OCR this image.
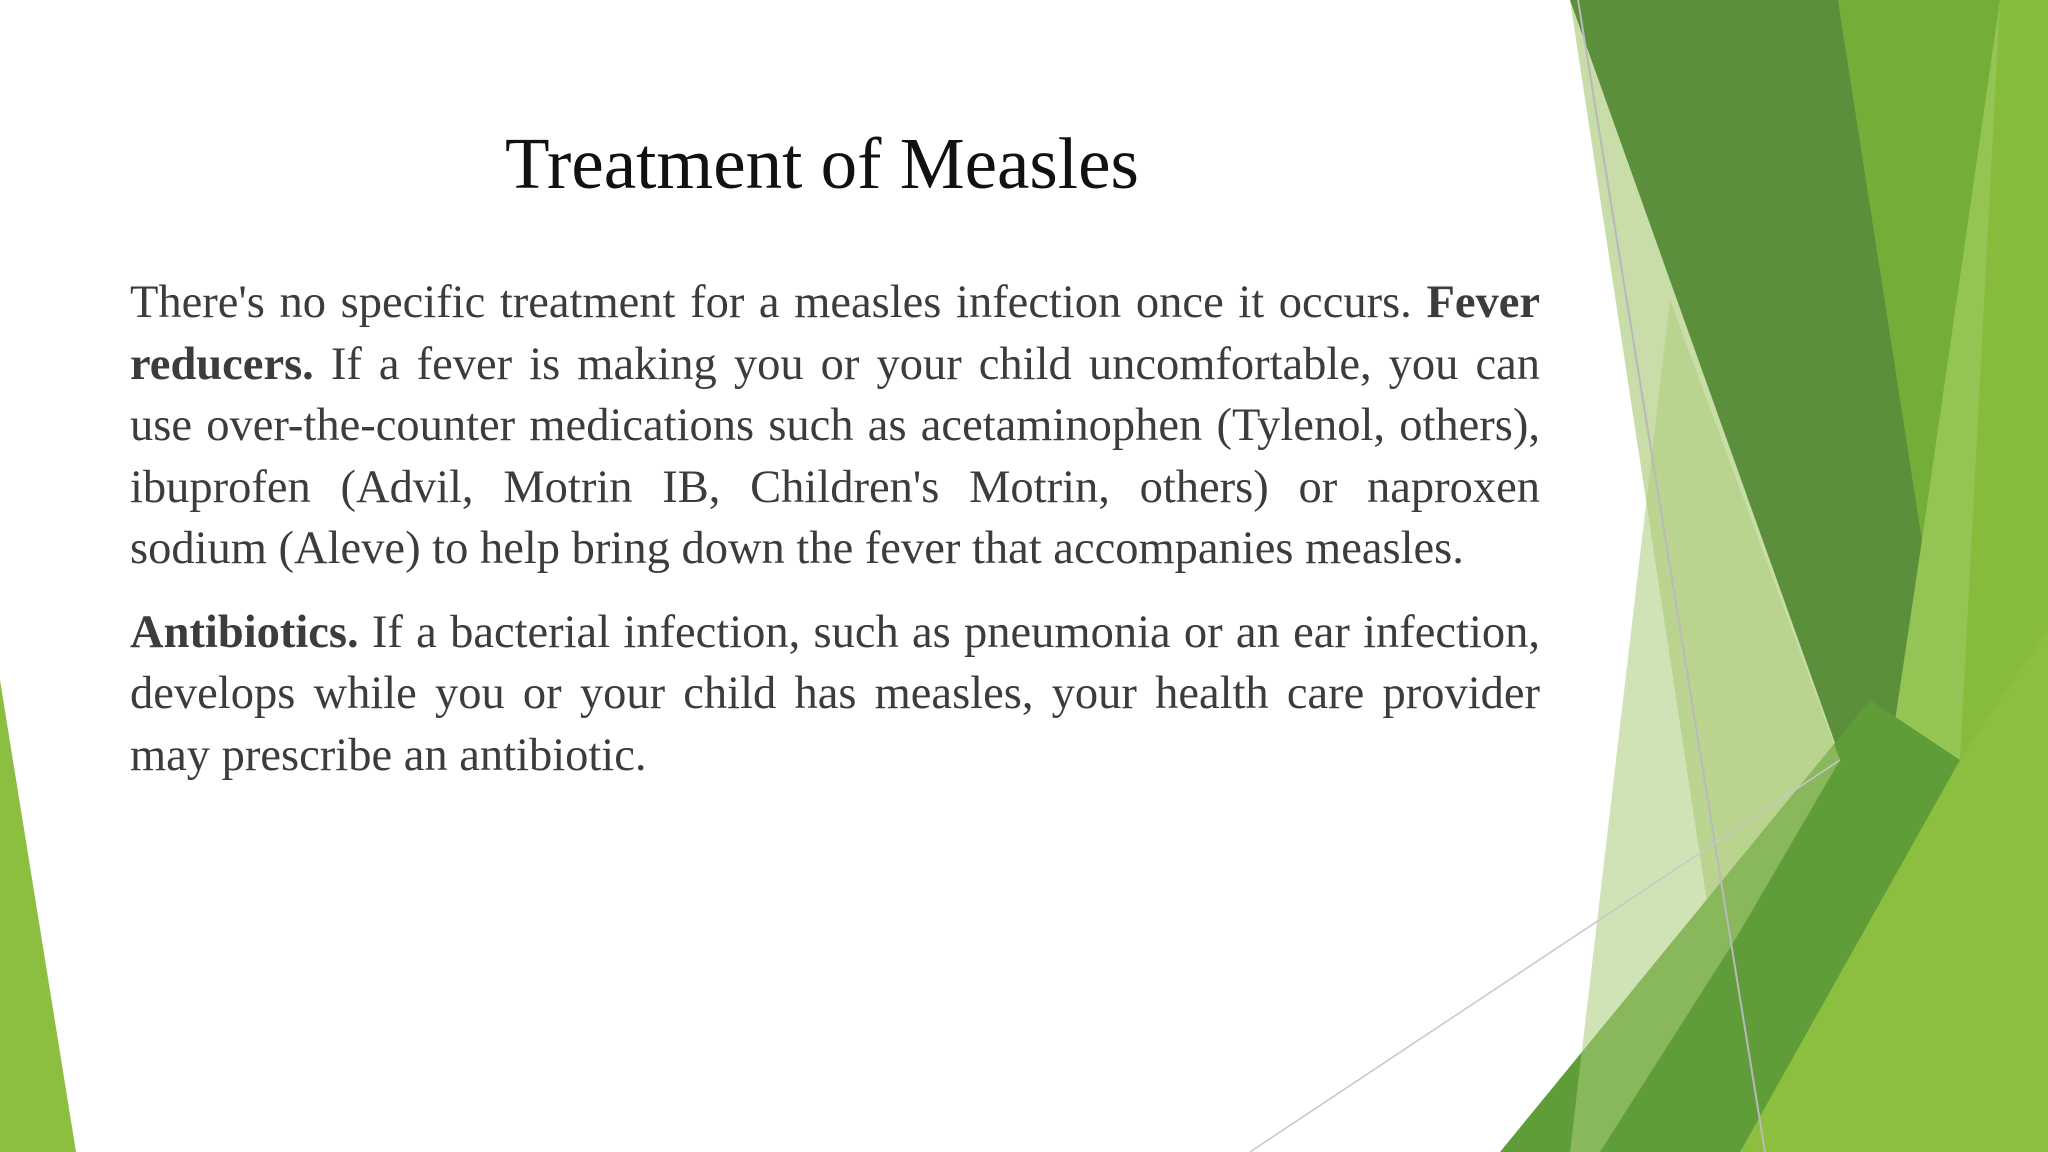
Treatment of Measles

There's no specific treatment for a measles infection once it occurs. Fever reducers. If a fever is making you or your child uncomfortable, you can use over-the-counter medications such as acetaminophen (Tylenol, others), ibuprofen (Advil, Motrin IB, Children's Motrin, others) or naproxen sodium (Aleve) to help bring down the fever that accompanies measles.

Antibiotics. If a bacterial infection, such as pneumonia or an ear infection, develops while you or your child has measles, your health care provider may prescribe an antibiotic.
